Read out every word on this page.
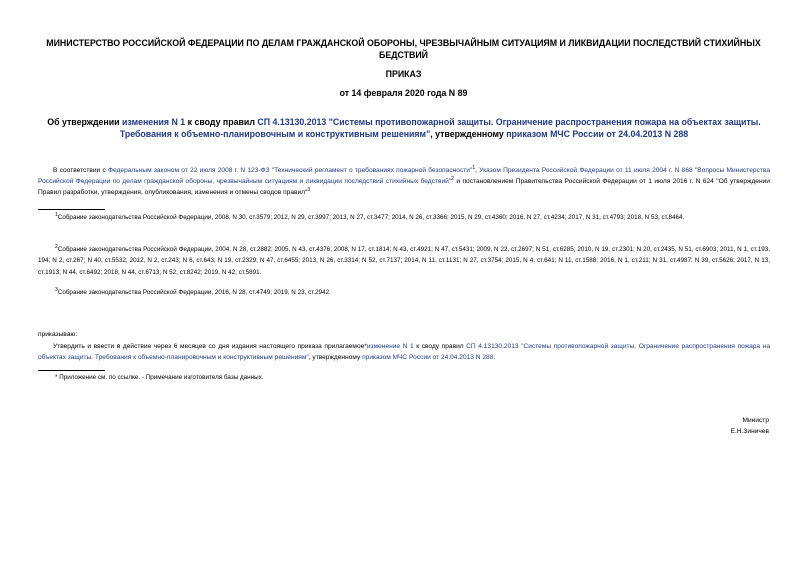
МИНИСТЕРСТВО РОССИЙСКОЙ ФЕДЕРАЦИИ ПО ДЕЛАМ ГРАЖДАНСКОЙ ОБОРОНЫ, ЧРЕЗВЫЧАЙНЫМ СИТУАЦИЯМ И ЛИКВИДАЦИИ ПОСЛЕДСТВИЙ СТИХИЙНЫХ БЕДСТВИЙ
ПРИКАЗ
от 14 февраля 2020 года N 89
Об утверждении изменения N 1 к своду правил СП 4.13130.2013 "Системы противопожарной защиты. Ограничение распространения пожара на объектах защиты. Требования к объемно-планировочным и конструктивным решениям", утвержденному приказом МЧС России от 24.04.2013 N 288
В соответствии с Федеральным законом от 22 июля 2008 г. N 123-ФЗ "Технический регламент о требованиях пожарной безопасности"$^1$, Указом Президента Российской Федерации от 11 июля 2004 г. N 868 "Вопросы Министерства Российской Федерации по делам гражданской обороны, чрезвычайным ситуациям и ликвидации последствий стихийных бедствий"$^2$ и постановлением Правительства Российской Федерации от 1 июля 2016 г. N 624 "Об утверждении Правил разработки, утверждения, опубликования, изменения и отмены сводов правил"$^3$
$^1$Собрание законодательства Российской Федерации, 2008, N 30, ст.3579; 2012, N 29, ст.3997; 2013, N 27, ст.3477; 2014, N 26, ст.3366; 2015, N 29, ст.4360; 2016, N 27, ст.4234; 2017, N 31, ст.4793; 2018, N 53, ст.8464.
$^2$Собрание законодательства Российской Федерации, 2004, N 28, ст.2882; 2005, N 43, ст.4376; 2008, N 17, ст.1814; N 43, ст.4921; N 47, ст.5431; 2009, N 22, ст.2697; N 51, ст.6285; 2010, N 19, ст.2301; N 20, ст.2435, N 51, ст.6903; 2011, N 1, ст.193, 194; N 2, ст.267; N 40, ст.5532; 2012, N 2, ст.243; N 6, ст.643; N 19, ст.2329; N 47, ст.6455; 2013, N 26, ст.3314; N 52, ст.7137; 2014, N 11, ст.1131; N 27, ст.3754; 2015, N 4, ст.641; N 11, ст.1588; 2016, N 1, ст.211; N 31, ст.4987; N 39, ст.5626; 2017, N 13, ст.1913; N 44, ст.6492; 2018, N 44, ст.6713; N 52, ст.8242; 2019, N 42, ст.5891.
$^3$Собрание законодательства Российской Федерации, 2016, N 28, ст.4749; 2019, N 23, ст.2942.
приказываю:
Утвердить и ввести в действие через 6 месяцев со дня издания настоящего приказа прилагаемое*изменение N 1 к своду правил СП 4.13130.2013 "Системы противопожарной защиты. Ограничение распространения пожара на объектах защиты. Требования к объемно-планировочным и конструктивным решениям", утвержденному приказом МЧС России от 24.04.2013 N 288.
* Приложение см. по ссылке. - Примечание изготовителя базы данных.
Министр
Е.Н.Зиничев
